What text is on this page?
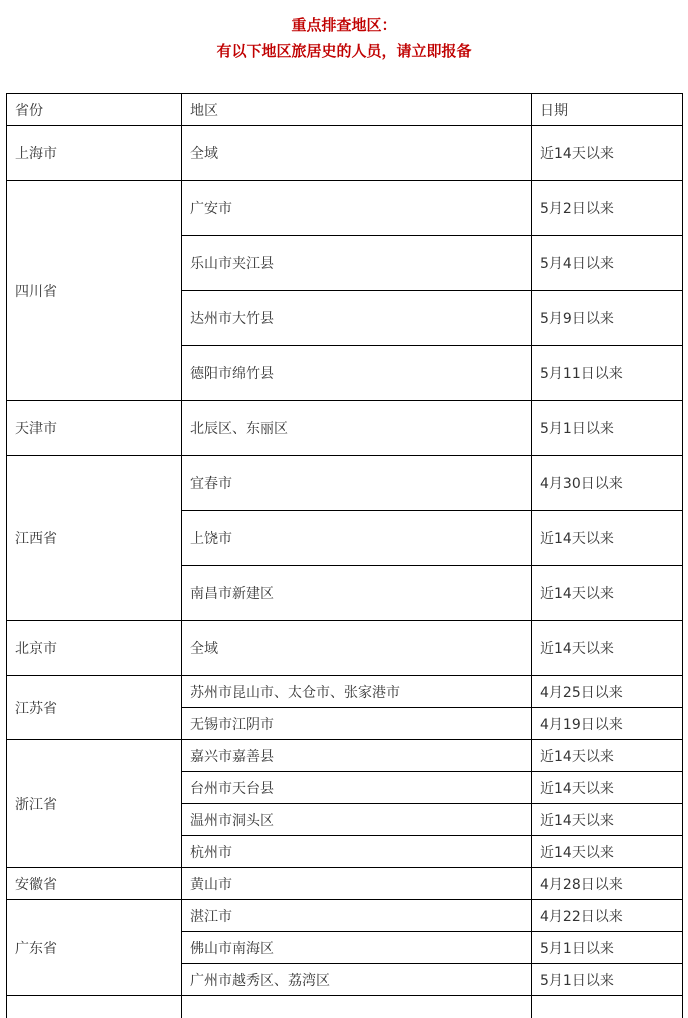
重点排查地区：
有以下地区旅居史的人员，请立即报备
省份	地区	日期
上海市	全域	近14天以来
四川省	广安市	5月2日以来
	乐山市夹江县	5月4日以来
	达州市大竹县	5月9日以来
	德阳市绵竹县	5月11日以来
天津市	北辰区、东丽区	5月1日以来
江西省	宜春市	4月30日以来
	上饶市	近14天以来
	南昌市新建区	近14天以来
北京市	全域	近14天以来
江苏省	苏州市昆山市、太仓市、张家港市	4月25日以来
	无锡市江阴市	4月19日以来
浙江省	嘉兴市嘉善县	近14天以来
	台州市天台县	近14天以来
	温州市洞头区	近14天以来
	杭州市	近14天以来
安徽省	黄山市	4月28日以来
广东省	湛江市	4月22日以来
	佛山市南海区	5月1日以来
	广州市越秀区、荔湾区	5月1日以来
